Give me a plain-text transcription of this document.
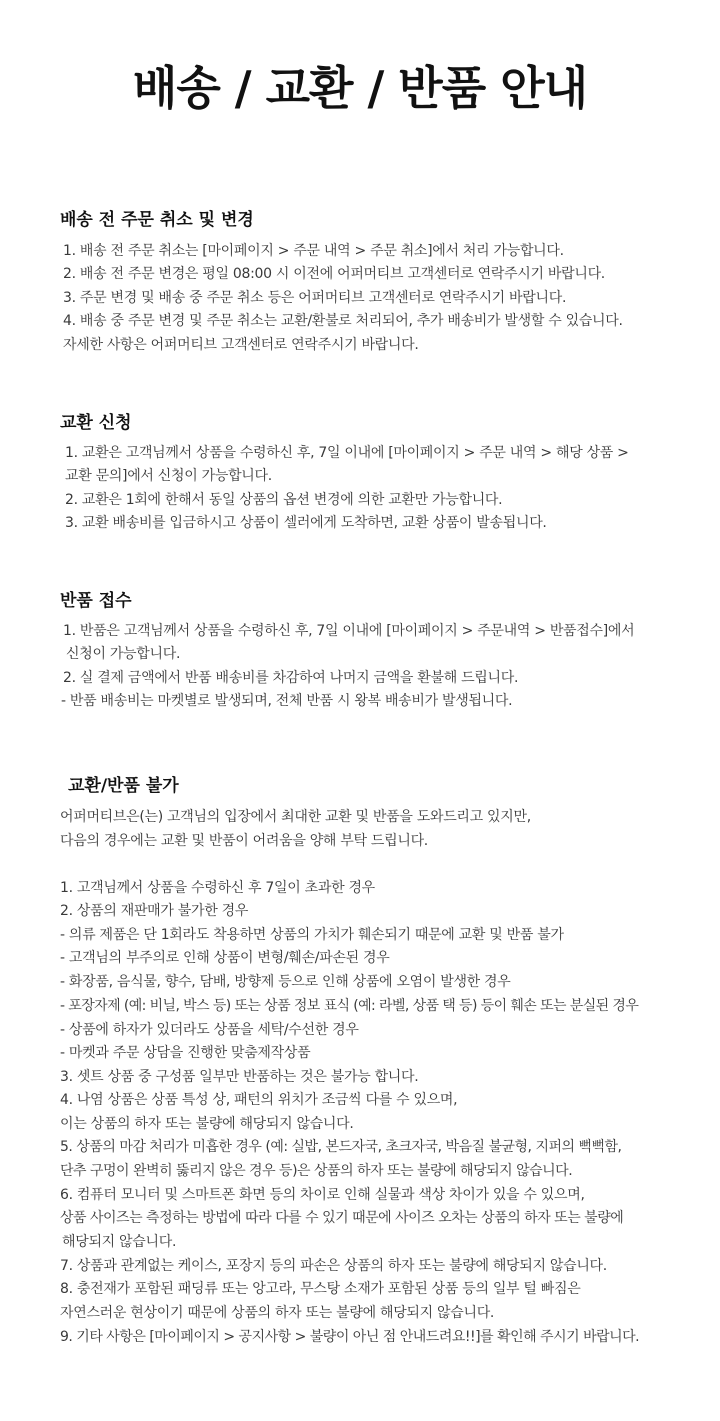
배송 / 교환 / 반품 안내
배송 전 주문 취소 및 변경
1. 배송 전 주문 취소는 [마이페이지 > 주문 내역 > 주문 취소]에서 처리 가능합니다.
2. 배송 전 주문 변경은 평일 08:00 시 이전에 어퍼머티브 고객센터로 연락주시기 바랍니다.
3. 주문 변경 및 배송 중 주문 취소 등은 어퍼머티브 고객센터로 연락주시기 바랍니다.
4. 배송 중 주문 변경 및 주문 취소는 교환/환불로 처리되어, 추가 배송비가 발생할 수 있습니다.
자세한 사항은 어퍼머티브 고객센터로 연락주시기 바랍니다.
교환 신청
1. 교환은 고객님께서 상품을 수령하신 후, 7일 이내에 [마이페이지 > 주문 내역 > 해당 상품 >
교환 문의]에서 신청이 가능합니다.
2. 교환은 1회에 한해서 동일 상품의 옵션 변경에 의한 교환만 가능합니다.
3. 교환 배송비를 입금하시고 상품이 셀러에게 도착하면, 교환 상품이 발송됩니다.
반품 접수
1. 반품은 고객님께서 상품을 수령하신 후, 7일 이내에 [마이페이지 > 주문내역 > 반품접수]에서
신청이 가능합니다.
2. 실 결제 금액에서 반품 배송비를 차감하여 나머지 금액을 환불해 드립니다.
- 반품 배송비는 마켓별로 발생되며, 전체 반품 시 왕복 배송비가 발생됩니다.
교환/반품 불가
어퍼머티브은(는) 고객님의 입장에서 최대한 교환 및 반품을 도와드리고 있지만,
다음의 경우에는 교환 및 반품이 어려움을 양해 부탁 드립니다.
1. 고객님께서 상품을 수령하신 후 7일이 초과한 경우
2. 상품의 재판매가 불가한 경우
- 의류 제품은 단 1회라도 착용하면 상품의 가치가 훼손되기 때문에 교환 및 반품 불가
- 고객님의 부주의로 인해 상품이 변형/훼손/파손된 경우
- 화장품, 음식물, 향수, 담배, 방향제 등으로 인해 상품에 오염이 발생한 경우
- 포장자제 (예: 비닐, 박스 등) 또는 상품 정보 표식 (예: 라벨, 상품 택 등) 등이 훼손 또는 분실된 경우
- 상품에 하자가 있더라도 상품을 세탁/수선한 경우
- 마켓과 주문 상담을 진행한 맞춤제작상품
3. 셋트 상품 중 구성품 일부만 반품하는 것은 불가능 합니다.
4. 나염 상품은 상품 특성 상, 패턴의 위치가 조금씩 다를 수 있으며,
이는 상품의 하자 또는 불량에 해당되지 않습니다.
5. 상품의 마감 처리가 미흡한 경우 (예: 실밥, 본드자국, 초크자국, 박음질 불균형, 지퍼의 뻑뻑함,
단추 구멍이 완벽히 뚫리지 않은 경우 등)은 상품의 하자 또는 불량에 해당되지 않습니다.
6. 컴퓨터 모니터 및 스마트폰 화면 등의 차이로 인해 실물과 색상 차이가 있을 수 있으며,
상품 사이즈는 측정하는 방법에 따라 다를 수 있기 때문에 사이즈 오차는 상품의 하자 또는 불량에
해당되지 않습니다.
7. 상품과 관계없는 케이스, 포장지 등의 파손은 상품의 하자 또는 불량에 해당되지 않습니다.
8. 충전재가 포함된 패딩류 또는 앙고라, 무스탕 소재가 포함된 상품 등의 일부 털 빠짐은
자연스러운 현상이기 때문에 상품의 하자 또는 불량에 해당되지 않습니다.
9. 기타 사항은 [마이페이지 > 공지사항 > 불량이 아닌 점 안내드려요!!]를 확인해 주시기 바랍니다.
